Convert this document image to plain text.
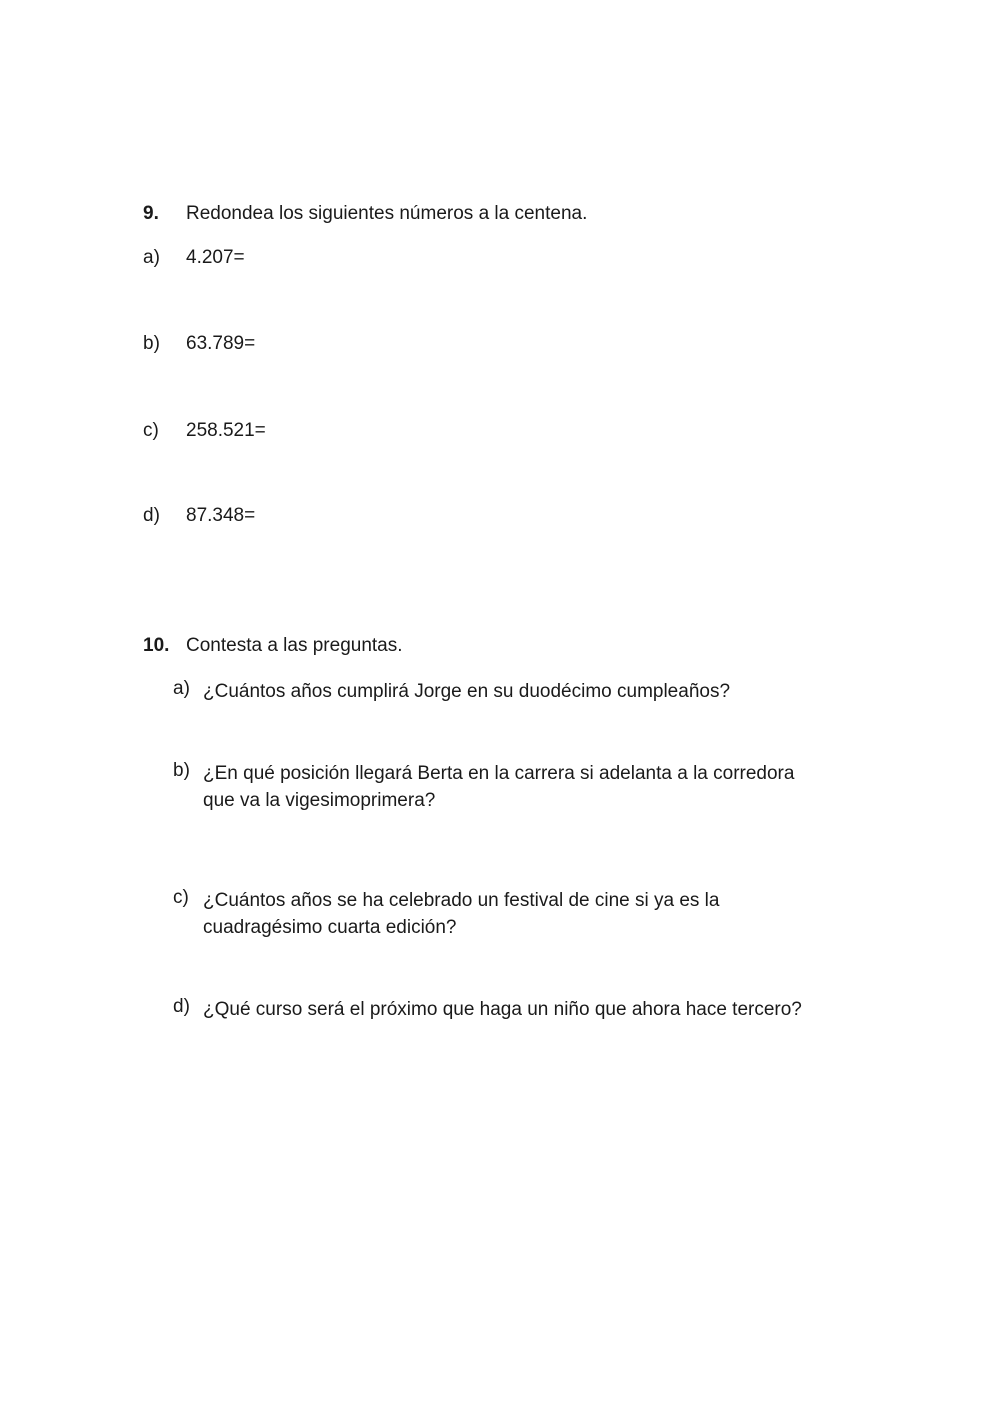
9. Redondea los siguientes números a la centena.
a) 4.207=
b) 63.789=
c) 258.521=
d) 87.348=
10. Contesta a las preguntas.
a) ¿Cuántos años cumplirá Jorge en su duodécimo cumpleaños?
b) ¿En qué posición llegará Berta en la carrera si adelanta a la corredora
que va la vigesimoprimera?
c) ¿Cuántos años se ha celebrado un festival de cine si ya es la
cuadragésimo cuarta edición?
d) ¿Qué curso será el próximo que haga un niño que ahora hace tercero?
